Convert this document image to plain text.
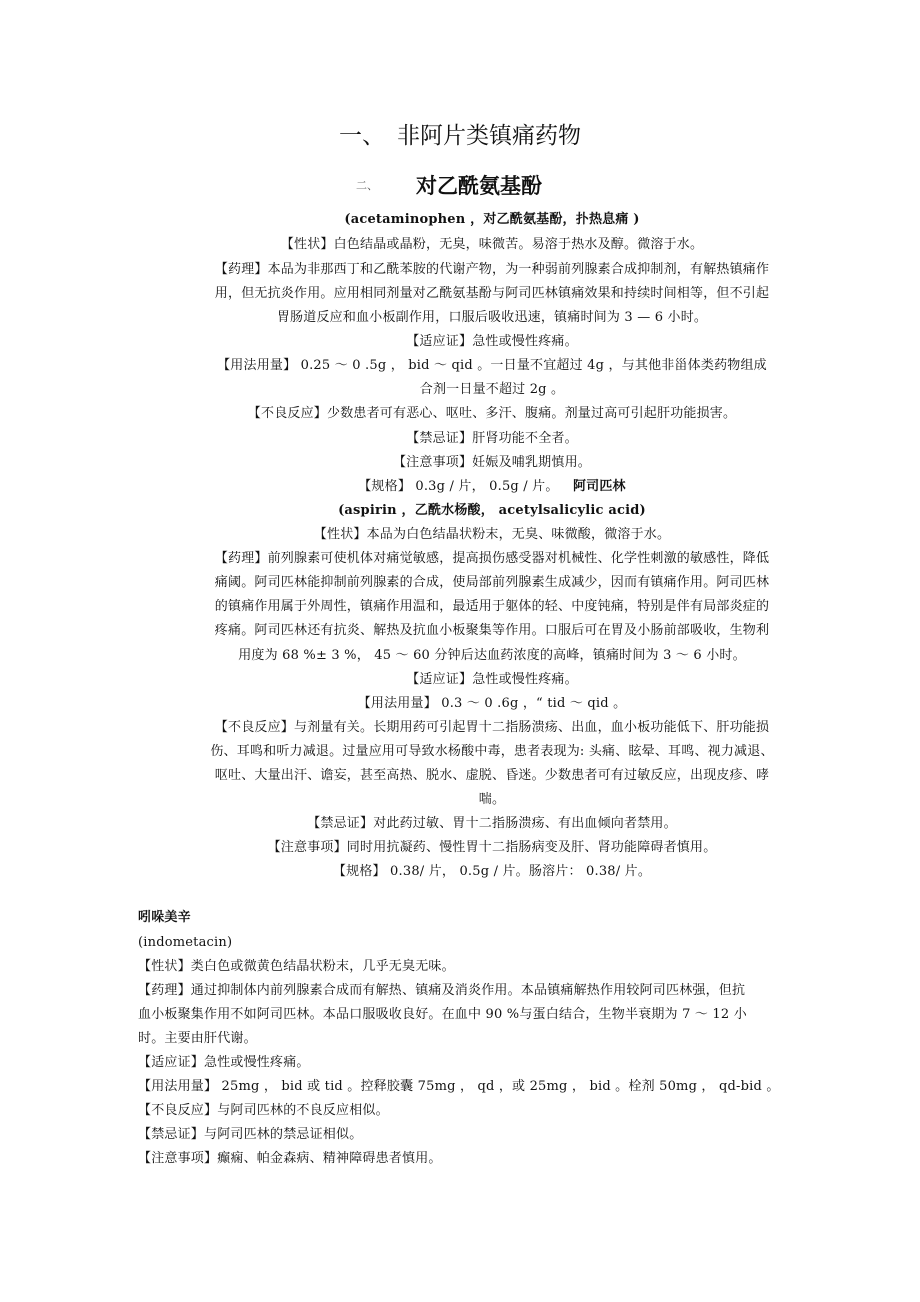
一、 非阿片类镇痛药物
二、 对乙酰氨基酚
(acetaminophen ，对乙酰氨基酚，扑热息痛 )
【性状】白色结晶或晶粉，无臭，味微苦。易溶于热水及醇。微溶于水。
【药理】本品为非那西丁和乙酰苯胺的代谢产物，为一种弱前列腺素合成抑制剂，有解热镇痛作
用，但无抗炎作用。应用相同剂量对乙酰氨基酚与阿司匹林镇痛效果和持续时间相等，但不引起
胃肠道反应和血小板副作用，口服后吸收迅速，镇痛时间为 3 — 6 小时。
【适应证】急性或慢性疼痛。
【用法用量】 0.25 ～ 0 .5g ， bid ～ qid 。一日量不宜超过 4g ，与其他非甾体类药物组成
合剂一日量不超过 2g 。
【不良反应】少数患者可有恶心、呕吐、多汗、腹痛。剂量过高可引起肝功能损害。
【禁忌证】肝肾功能不全者。
【注意事项】妊娠及哺乳期慎用。
【规格】 0.3g / 片， 0.5g / 片。 阿司匹林
(aspirin ，乙酰水杨酸， acetylsalicylic acid)
【性状】本品为白色结晶状粉末，无臭、味微酸，微溶于水。
【药理】前列腺素可使机体对痛觉敏感，提高损伤感受器对机械性、化学性刺激的敏感性，降低
痛阈。阿司匹林能抑制前列腺素的合成，使局部前列腺素生成减少，因而有镇痛作用。阿司匹林
的镇痛作用属于外周性，镇痛作用温和，最适用于躯体的轻、中度钝痛，特别是伴有局部炎症的
疼痛。阿司匹林还有抗炎、解热及抗血小板聚集等作用。口服后可在胃及小肠前部吸收，生物利
用度为 68 %± 3 %， 45 ～ 60 分钟后达血药浓度的高峰，镇痛时间为 3 ～ 6 小时。
【适应证】急性或慢性疼痛。
【用法用量】 0.3 ～ 0 .6g ，“ tid ～ qid 。
【不良反应】与剂量有关。长期用药可引起胃十二指肠溃疡、出血，血小板功能低下、肝功能损
伤、耳鸣和听力减退。过量应用可导致水杨酸中毒，患者表现为: 头痛、眩晕、耳鸣、视力减退、
呕吐、大量出汗、谵妄，甚至高热、脱水、虚脱、昏迷。少数患者可有过敏反应，出现皮疹、哮
喘。
【禁忌证】对此药过敏、胃十二指肠溃疡、有出血倾向者禁用。
【注意事项】同时用抗凝药、慢性胃十二指肠病变及肝、肾功能障碍者慎用。
【规格】 0.38/ 片， 0.5g / 片。肠溶片： 0.38/ 片。
吲哚美辛
(indometacin)
【性状】类白色或微黄色结晶状粉末，几乎无臭无味。
【药理】通过抑制体内前列腺素合成而有解热、镇痛及消炎作用。本品镇痛解热作用较阿司匹林强，但抗
血小板聚集作用不如阿司匹林。本品口服吸收良好。在血中 90 %与蛋白结合，生物半衰期为 7 ～ 12 小
时。主要由肝代谢。
【适应证】急性或慢性疼痛。
【用法用量】 25mg ， bid 或 tid 。控释胶囊 75mg ， qd ，或 25mg ， bid 。栓剂 50mg ， qd-bid 。
【不良反应】与阿司匹林的不良反应相似。
【禁忌证】与阿司匹林的禁忌证相似。
【注意事项】癫痫、帕金森病、精神障碍患者慎用。
